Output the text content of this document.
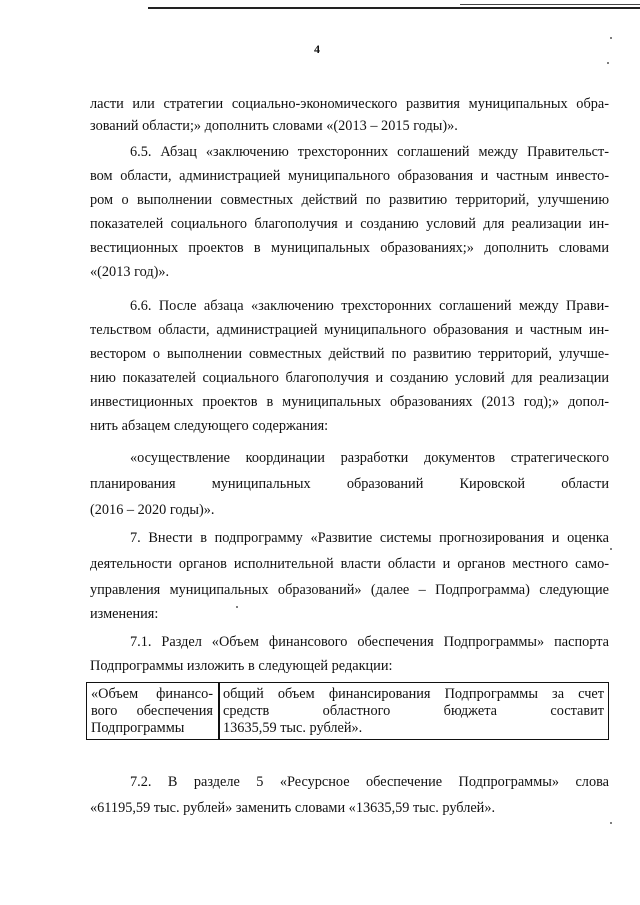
4
ласти или стратегии социально-экономического развития муниципальных обра-
зований области;» дополнить словами «(2013 – 2015 годы)».
6.5. Абзац «заключению трехсторонних соглашений между Правительст-
вом области, администрацией муниципального образования и частным инвесто-
ром о выполнении совместных действий по развитию территорий, улучшению
показателей социального благополучия и созданию условий для реализации ин-
вестиционных проектов в муниципальных образованиях;» дополнить словами
«(2013 год)».
6.6. После абзаца «заключению трехсторонних соглашений между Прави-
тельством области, администрацией муниципального образования и частным ин-
вестором о выполнении совместных действий по развитию территорий, улучше-
нию показателей социального благополучия и созданию условий для реализации
инвестиционных проектов в муниципальных образованиях (2013 год);» допол-
нить абзацем следующего содержания:
«осуществление координации разработки документов стратегического
планирования муниципальных образований Кировской области
(2016 – 2020 годы)».
7. Внести в подпрограмму «Развитие системы прогнозирования и оценка
деятельности органов исполнительной власти области и органов местного само-
управления муниципальных образований» (далее – Подпрограмма) следующие
изменения:
7.1. Раздел «Объем финансового обеспечения Подпрограммы» паспорта
Подпрограммы изложить в следующей редакции:
«Объем финансо-
вого обеспечения
Подпрограммы
общий объем финансирования Подпрограммы за счет
средств областного бюджета составит
13635,59 тыс. рублей».
7.2. В разделе 5 «Ресурсное обеспечение Подпрограммы» слова
«61195,59 тыс. рублей» заменить словами «13635,59 тыс. рублей».
